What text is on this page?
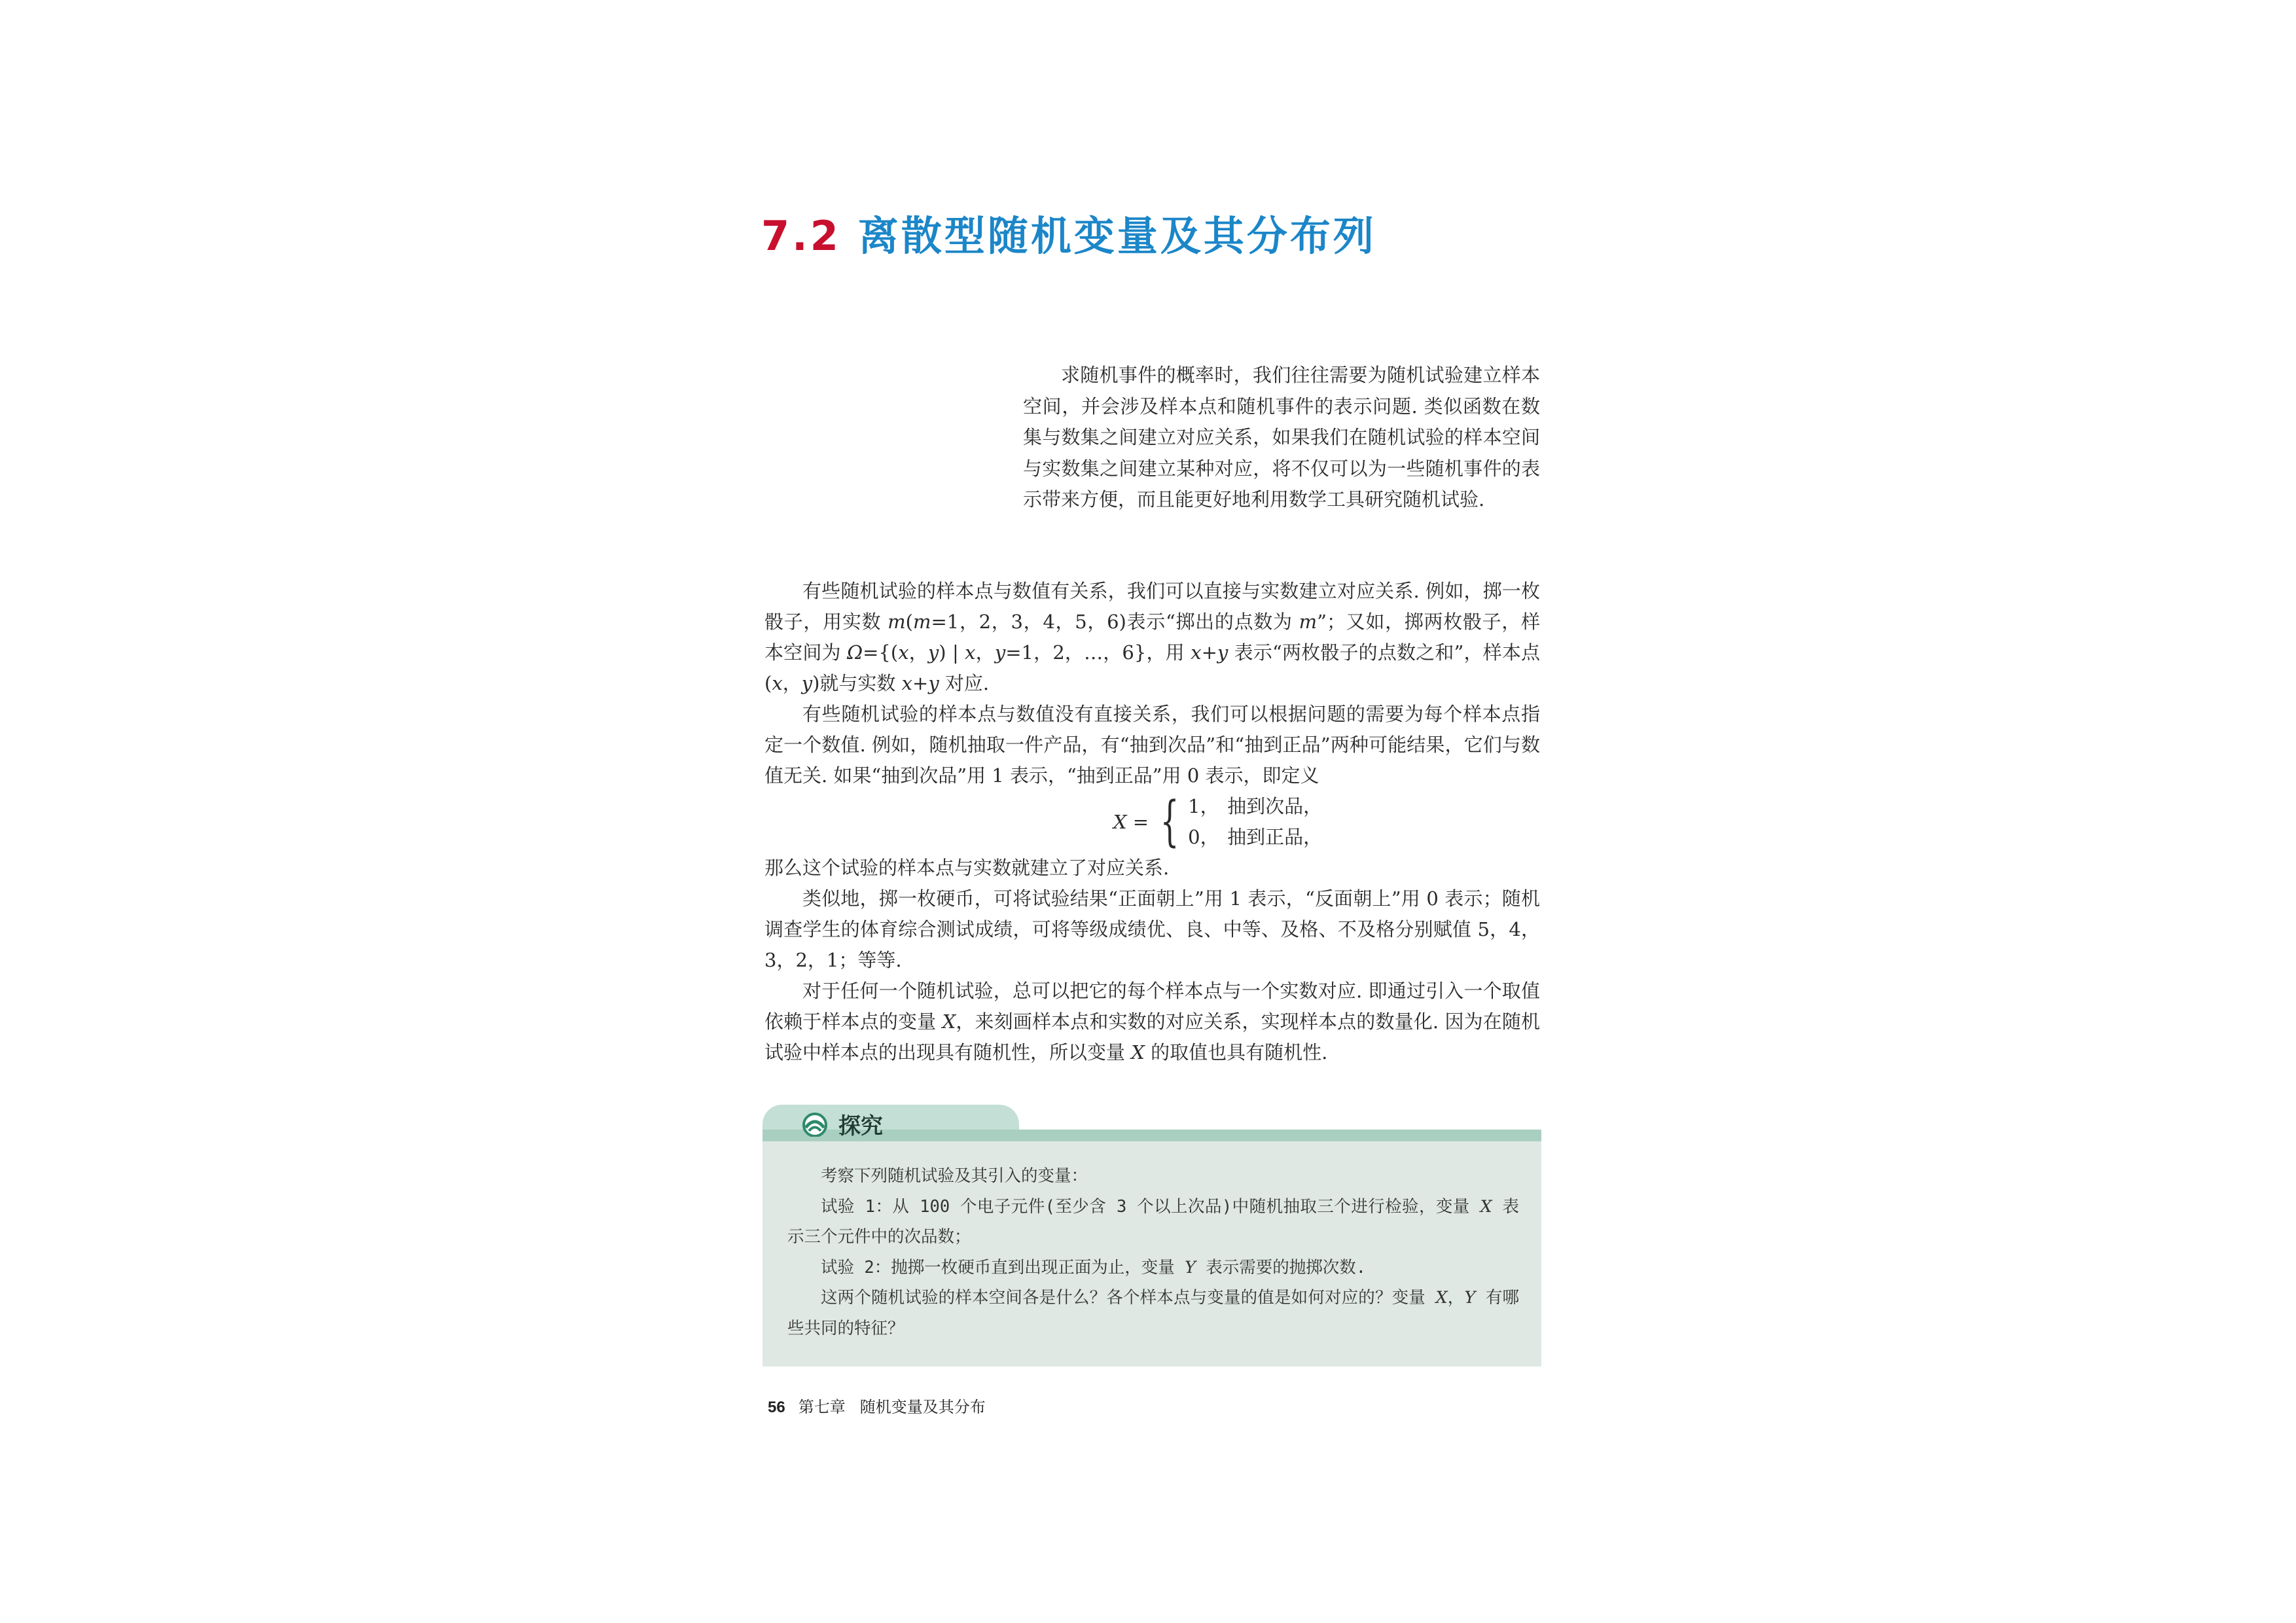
7.2 离散型随机变量及其分布列

求随机事件的概率时，我们往往需要为随机试验建立样本空间，并会涉及样本点和随机事件的表示问题. 类似函数在数集与数集之间建立对应关系，如果我们在随机试验的样本空间与实数集之间建立某种对应，将不仅可以为一些随机事件的表示带来方便，而且能更好地利用数学工具研究随机试验.

有些随机试验的样本点与数值有关系，我们可以直接与实数建立对应关系. 例如，掷一枚骰子，用实数 m(m=1，2，3，4，5，6)表示“掷出的点数为 m”；又如，掷两枚骰子，样本空间为 Ω={(x，y) | x，y=1，2，…，6}，用 x+y 表示“两枚骰子的点数之和”，样本点(x，y)就与实数 x+y 对应.

有些随机试验的样本点与数值没有直接关系，我们可以根据问题的需要为每个样本点指定一个数值. 例如，随机抽取一件产品，有“抽到次品”和“抽到正品”两种可能结果，它们与数值无关. 如果“抽到次品”用 1 表示，“抽到正品”用 0 表示，即定义

X = { 1， 抽到次品，
0， 抽到正品，

那么这个试验的样本点与实数就建立了对应关系.

类似地，掷一枚硬币，可将试验结果“正面朝上”用 1 表示，“反面朝上”用 0 表示；随机调查学生的体育综合测试成绩，可将等级成绩优、良、中等、及格、不及格分别赋值 5，4，3，2，1；等等.

对于任何一个随机试验，总可以把它的每个样本点与一个实数对应. 即通过引入一个取值依赖于样本点的变量 X，来刻画样本点和实数的对应关系，实现样本点的数量化. 因为在随机试验中样本点的出现具有随机性，所以变量 X 的取值也具有随机性.

探究

考察下列随机试验及其引入的变量：

试验 1：从 100 个电子元件(至少含 3 个以上次品)中随机抽取三个进行检验，变量 X 表示三个元件中的次品数；

试验 2：抛掷一枚硬币直到出现正面为止，变量 Y 表示需要的抛掷次数.

这两个随机试验的样本空间各是什么？各个样本点与变量的值是如何对应的？变量 X，Y 有哪些共同的特征？

56 第七章 随机变量及其分布
